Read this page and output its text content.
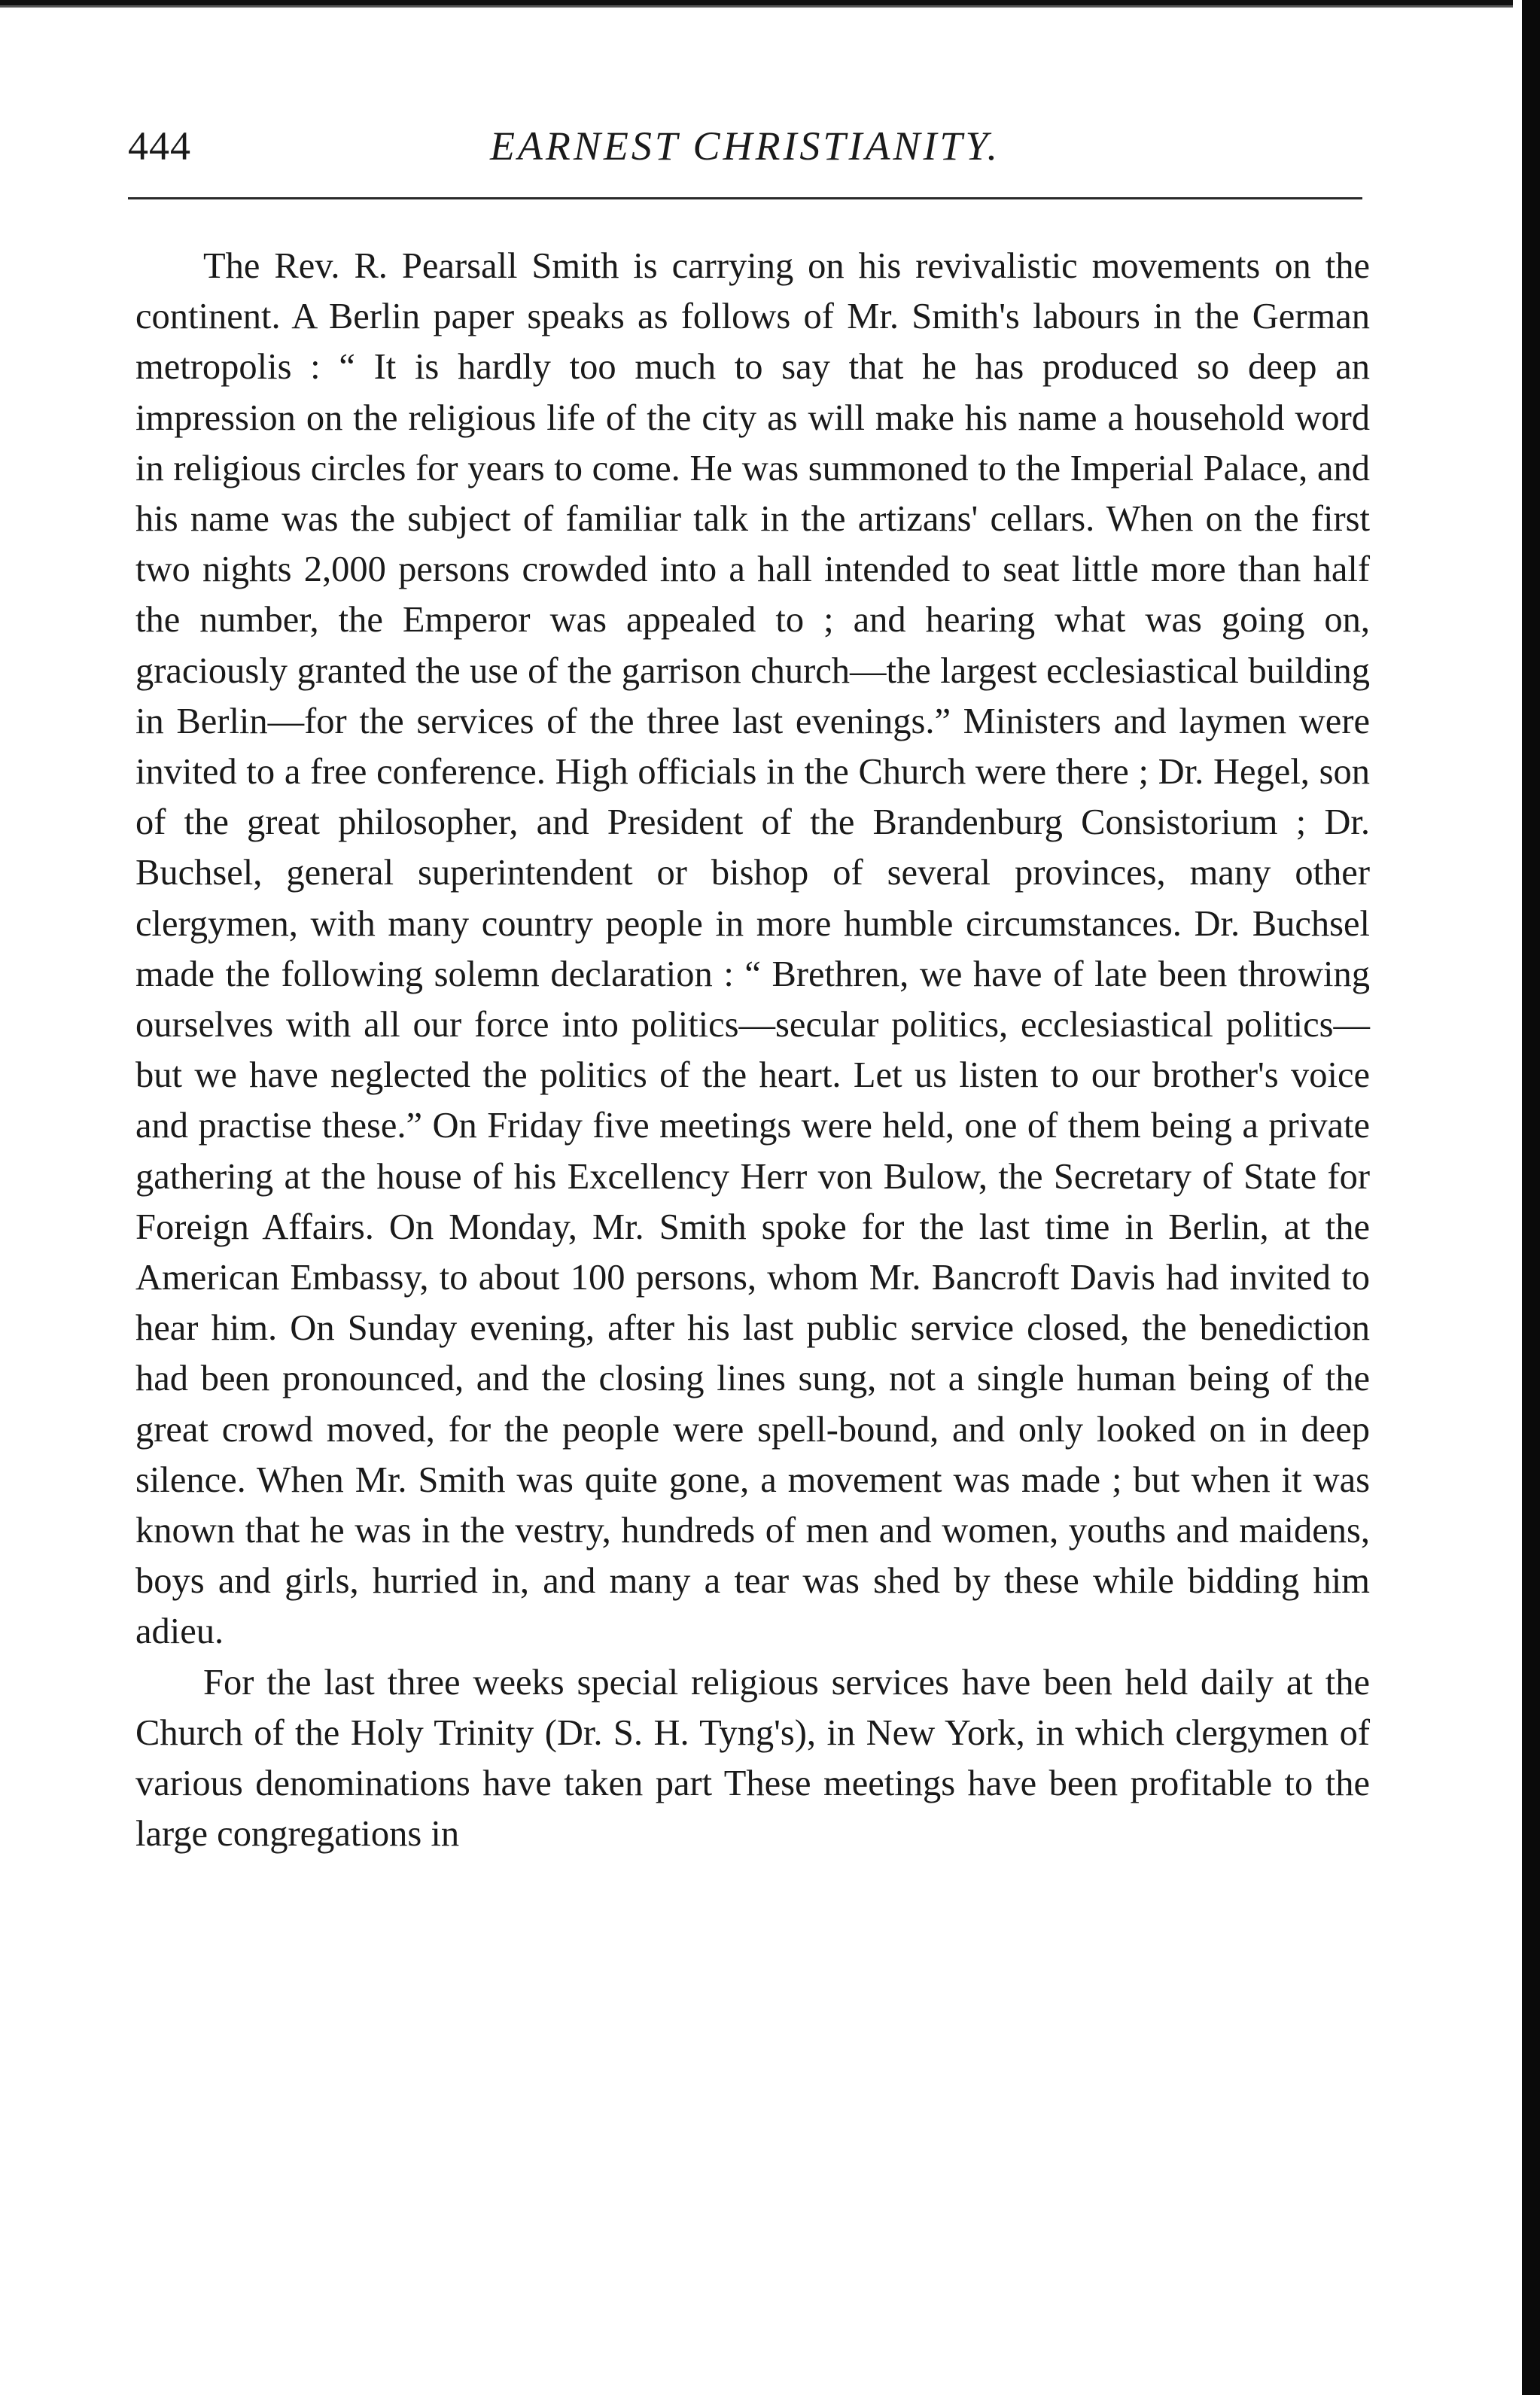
444	EARNEST CHRISTIANITY.

The Rev. R. Pearsall Smith is carrying on his revivalistic movements on the continent. A Berlin paper speaks as follows of Mr. Smith's labours in the German metropolis : “ It is hardly too much to say that he has produced so deep an impression on the religious life of the city as will make his name a household word in religious circles for years to come. He was summoned to the Imperial Palace, and his name was the subject of familiar talk in the artizans' cellars. When on the first two nights 2,000 persons crowded into a hall intended to seat little more than half the number, the Emperor was appealed to ; and hearing what was going on, graciously granted the use of the garrison church—the largest ecclesiastical building in Berlin—for the services of the three last evenings.” Ministers and laymen were invited to a free conference. High officials in the Church were there ; Dr. Hegel, son of the great philosopher, and President of the Brandenburg Consistorium ; Dr. Buchsel, general superintendent or bishop of several provinces, many other clergymen, with many country people in more humble circumstances. Dr. Buchsel made the following solemn declaration : “ Brethren, we have of late been throwing ourselves with all our force into politics—secular politics, ecclesiastical politics—but we have neglected the politics of the heart. Let us listen to our brother's voice and practise these.” On Friday five meetings were held, one of them being a private gathering at the house of his Excellency Herr von Bulow, the Secretary of State for Foreign Affairs. On Monday, Mr. Smith spoke for the last time in Berlin, at the American Embassy, to about 100 persons, whom Mr. Bancroft Davis had invited to hear him. On Sunday evening, after his last public service closed, the benediction had been pronounced, and the closing lines sung, not a single human being of the great crowd moved, for the people were spell-bound, and only looked on in deep silence. When Mr. Smith was quite gone, a movement was made ; but when it was known that he was in the vestry, hundreds of men and women, youths and maidens, boys and girls, hurried in, and many a tear was shed by these while bidding him adieu.

For the last three weeks special religious services have been held daily at the Church of the Holy Trinity (Dr. S. H. Tyng's), in New York, in which clergymen of various denominations have taken part These meetings have been profitable to the large congregations in
